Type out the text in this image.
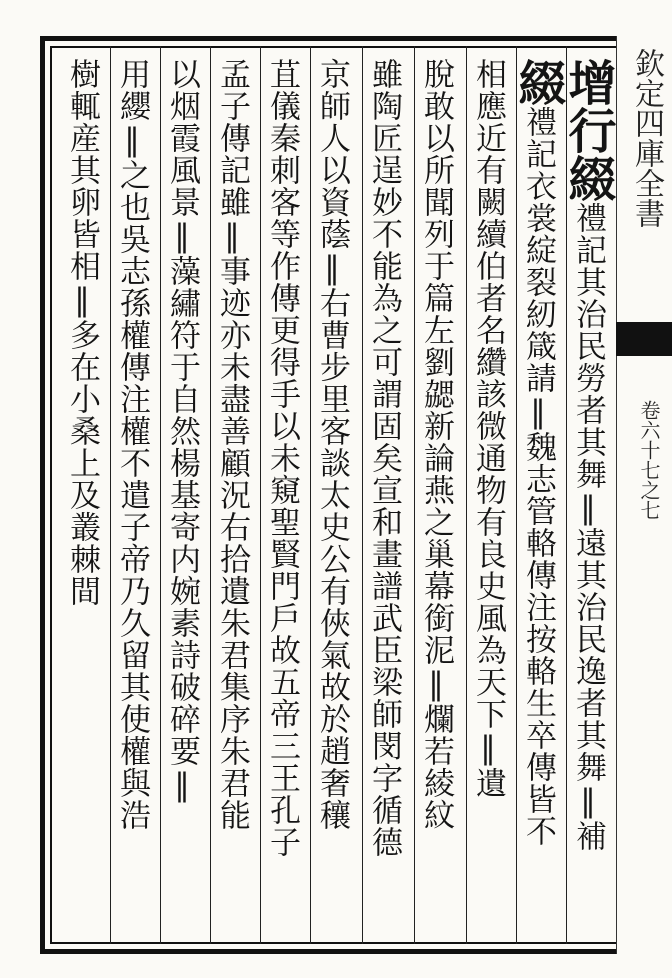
增行綴禮記其治民勞者其舞‖遠其治民逸者其舞‖補
綴禮記衣裳綻裂紉箴請‖魏志管輅傳注按輅生卒傳皆不
相應近有闕續伯者名纘該微通物有良史風為天下‖遺
脫敢以所聞列于篇左劉勰新論燕之巢幕銜泥‖爛若綾紋
雖陶匠逞妙不能為之可謂固矣宣和畫譜武臣梁師閔字循德
京師人以資蔭‖右曹步里客談太史公有俠氣故於趙奢穰
苴儀秦刺客等作傳更得手以未窺聖賢門戶故五帝三王孔子
孟子傳記雖‖事迹亦未盡善顧況右拾遺朱君集序朱君能
以烟霞風景‖藻繡符于自然楊基寄内婉素詩破碎要‖
用纓‖之也吳志孫權傳注權不遣子帝乃久留其使權與浩
樹輒産其卵皆相‖多在小桑上及叢棘間	欽定四庫全書
卷六十七之七
